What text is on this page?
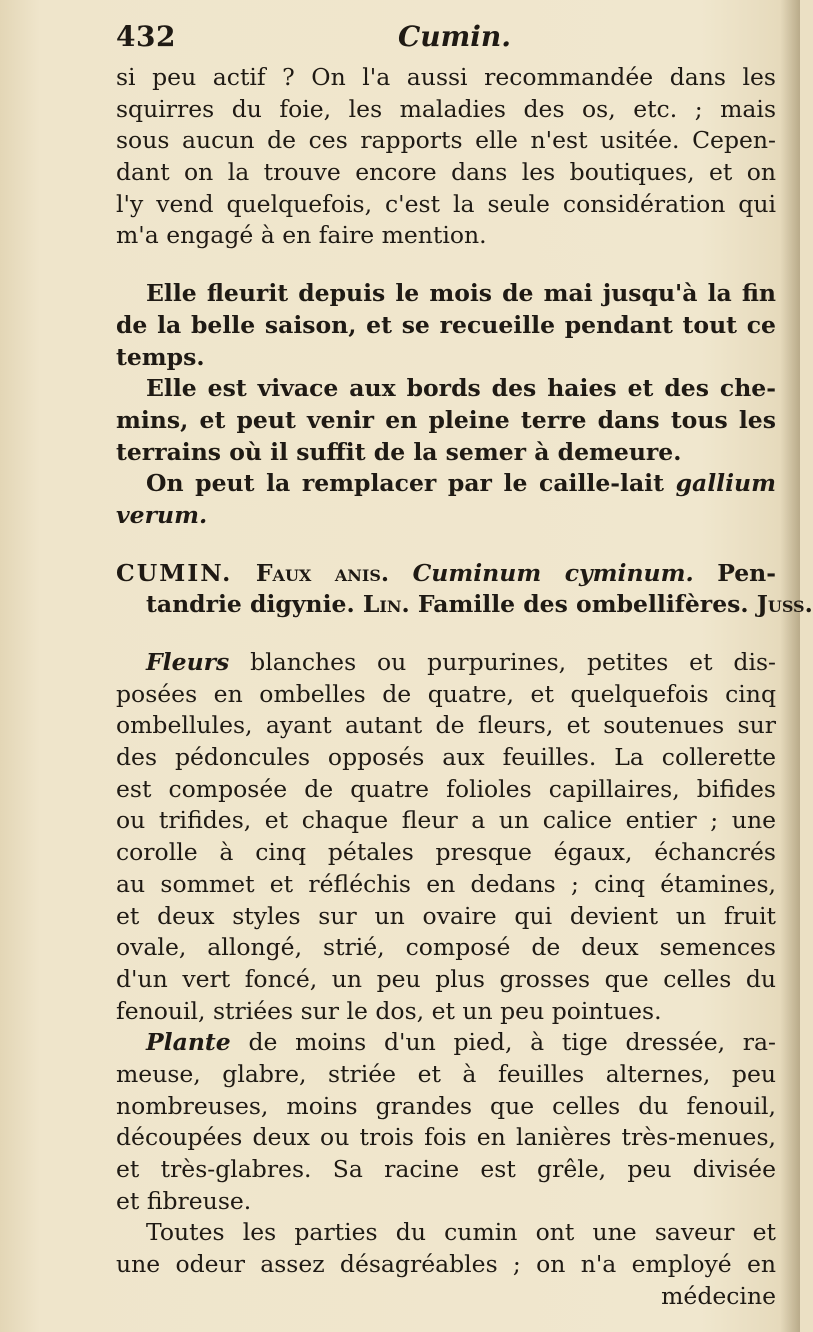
432	Cumin.
si peu actif ? On l'a aussi recommandée dans les
squirres du foie, les maladies des os, etc. ; mais
sous aucun de ces rapports elle n'est usitée. Cepen-
dant on la trouve encore dans les boutiques, et on
l'y vend quelquefois, c'est la seule considération qui
m'a engagé à en faire mention.
Elle fleurit depuis le mois de mai jusqu'à la fin
de la belle saison, et se recueille pendant tout ce
temps.
Elle est vivace aux bords des haies et des che-
mins, et peut venir en pleine terre dans tous les
terrains où il suffit de la semer à demeure.
On peut la remplacer par le caille-lait gallium
verum.
CUMIN. Faux anis. Cuminum cyminum. Pen-
tandrie digynie. Lin. Famille des ombellifères. Juss.
Fleurs blanches ou purpurines, petites et dis-
posées en ombelles de quatre, et quelquefois cinq
ombellules, ayant autant de fleurs, et soutenues sur
des pédoncules opposés aux feuilles. La collerette
est composée de quatre folioles capillaires, bifides
ou trifides, et chaque fleur a un calice entier ; une
corolle à cinq pétales presque égaux, échancrés
au sommet et réfléchis en dedans ; cinq étamines,
et deux styles sur un ovaire qui devient un fruit
ovale, allongé, strié, composé de deux semences
d'un vert foncé, un peu plus grosses que celles du
fenouil, striées sur le dos, et un peu pointues.
Plante de moins d'un pied, à tige dressée, ra-
meuse, glabre, striée et à feuilles alternes, peu
nombreuses, moins grandes que celles du fenouil,
découpées deux ou trois fois en lanières très-menues,
et très-glabres. Sa racine est grêle, peu divisée
et fibreuse.
Toutes les parties du cumin ont une saveur et
une odeur assez désagréables ; on n'a employé en
médecine
